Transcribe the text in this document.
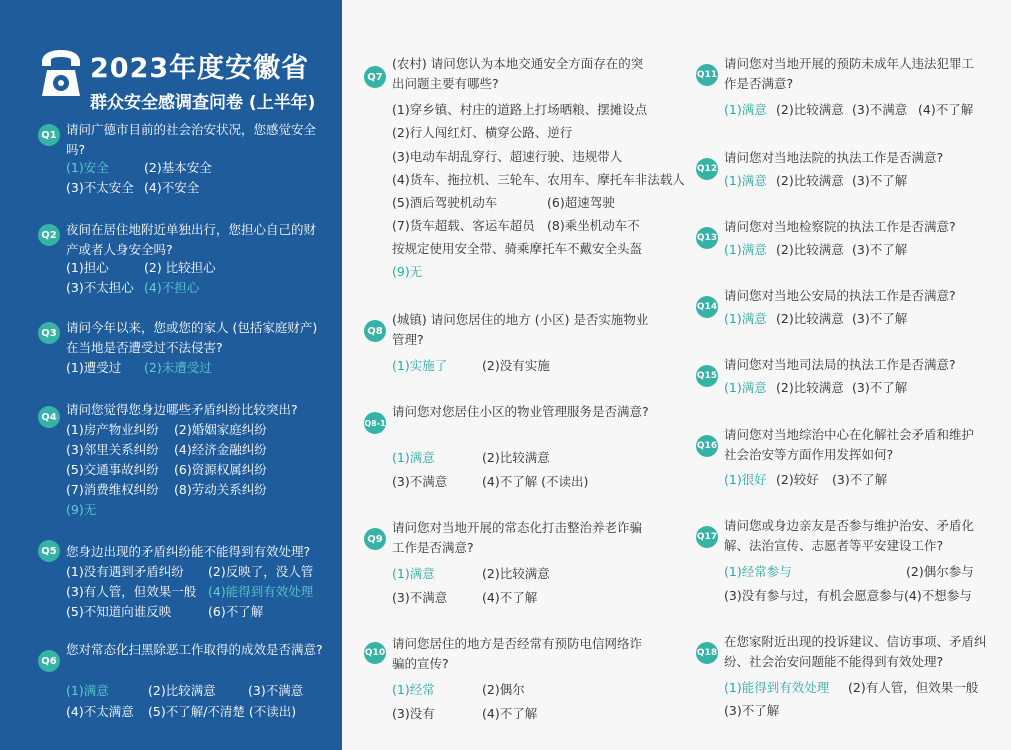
2023年度安徽省
群众安全感调查问卷 (上半年)
Q1 请问广德市目前的社会治安状况，您感觉安全吗?
(1)安全	(2)基本安全
(3)不太安全 (4)不安全
Q2 夜间在居住地附近单独出行，您担心自己的财产或者人身安全吗?
(1)担心	(2) 比较担心
(3)不太担心 (4)不担心
Q3 请问今年以来，您或您的家人 (包括家庭财产)在当地是否遭受过不法侵害?
(1)遭受过 (2)未遭受过
Q4 请问您觉得您身边哪些矛盾纠纷比较突出?
(1)房产物业纠纷 (2)婚姻家庭纠纷
(3)邻里关系纠纷 (4)经济金融纠纷
(5)交通事故纠纷 (6)资源权属纠纷
(7)消费维权纠纷 (8)劳动关系纠纷
(9)无
Q5 您身边出现的矛盾纠纷能不能得到有效处理?
(1)没有遇到矛盾纠纷 (2)反映了，没人管
(3)有人管，但效果一般 (4)能得到有效处理
(5)不知道向谁反映	(6)不了解
Q6
您对常态化扫黑除恶工作取得的成效是否满意?
(1)满意	(2)比较满意	(3)不满意
(4)不太满意 (5)不了解/不清楚 (不读出)
Q7
(农村) 请问您认为本地交通安全方面存在的突出问题主要有哪些?
(1)穿乡镇、村庄的道路上打场晒粮、摆摊设点
(2)行人闯红灯、横穿公路、逆行
(3)电动车胡乱穿行、超速行驶、违规带人
(4)货车、拖拉机、三轮车、农用车、摩托车非法载人
(5)酒后驾驶机动车	(6)超速驾驶
(7)货车超载、客运车超员 (8)乘坐机动车不
按规定使用安全带、骑乘摩托车不戴安全头盔
(9)无
Q8
(城镇) 请问您居住的地方 (小区) 是否实施物业管理?
(1)实施了	(2)没有实施
Q8-1
请问您对您居住小区的物业管理服务是否满意?
(1)满意	(2)比较满意
(3)不满意	(4)不了解 (不读出)
Q9
请问您对当地开展的常态化打击整治养老诈骗工作是否满意?
(1)满意	(2)比较满意
(3)不满意	(4)不了解
Q10
请问您居住的地方是否经常有预防电信网络诈骗的宣传?
(1)经常	(2)偶尔
(3)没有	(4)不了解
Q11
请问您对当地开展的预防未成年人违法犯罪工作是否满意?
(1)满意 (2)比较满意 (3)不满意 (4)不了解
Q12
请问您对当地法院的执法工作是否满意?
(1)满意 (2)比较满意 (3)不了解
Q13
请问您对当地检察院的执法工作是否满意?
(1)满意 (2)比较满意 (3)不了解
Q14
请问您对当地公安局的执法工作是否满意?
(1)满意 (2)比较满意 (3)不了解
Q15
请问您对当地司法局的执法工作是否满意?
(1)满意 (2)比较满意 (3)不了解
Q16
请问您对当地综治中心在化解社会矛盾和维护社会治安等方面作用发挥如何?
(1)很好 (2)较好 (3)不了解
Q17
请问您或身边亲友是否参与维护治安、矛盾化解、法治宣传、志愿者等平安建设工作?
(1)经常参与	(2)偶尔参与
(3)没有参与过，有机会愿意参与 (4)不想参与
Q18
在您家附近出现的投诉建议、信访事项、矛盾纠纷、社会治安问题能不能得到有效处理?
(1)能得到有效处理 (2)有人管，但效果一般
(3)不了解
